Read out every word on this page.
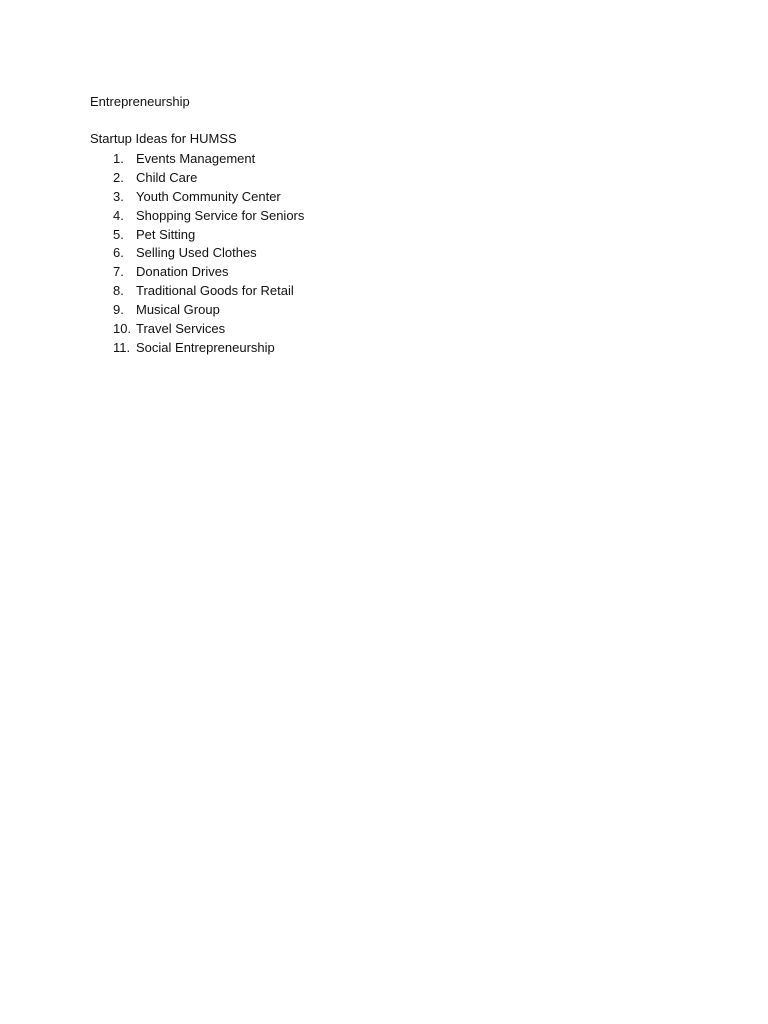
Entrepreneurship
Startup Ideas for HUMSS
1. Events Management
2. Child Care
3. Youth Community Center
4. Shopping Service for Seniors
5. Pet Sitting
6. Selling Used Clothes
7. Donation Drives
8. Traditional Goods for Retail
9. Musical Group
10. Travel Services
11. Social Entrepreneurship
